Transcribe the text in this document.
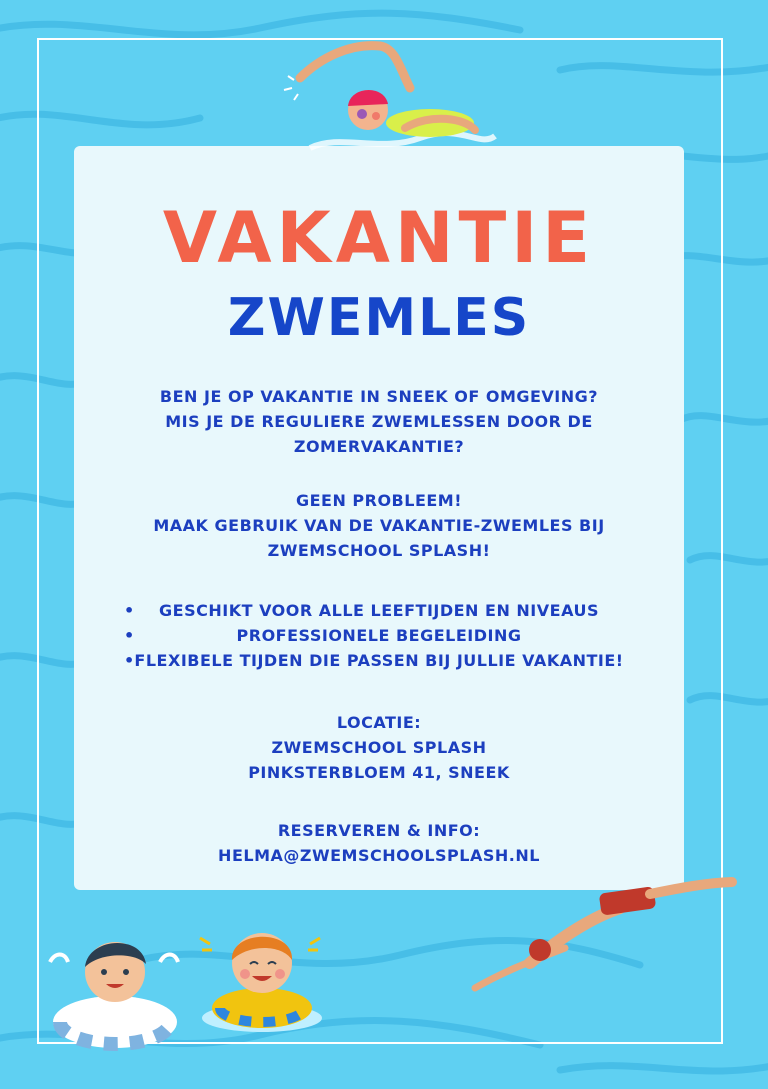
VAKANTIE
ZWEMLES

BEN JE OP VAKANTIE IN SNEEK OF OMGEVING?
MIS JE DE REGULIERE ZWEMLESSEN DOOR DE
ZOMERVAKANTIE?

GEEN PROBLEEM!
MAAK GEBRUIK VAN DE VAKANTIE-ZWEMLES BIJ
ZWEMSCHOOL SPLASH!

• GESCHIKT VOOR ALLE LEEFTIJDEN EN NIVEAUS
•	PROFESSIONELE BEGELEIDING
• FLEXIBELE TIJDEN DIE PASSEN BIJ JULLIE VAKANTIE!

LOCATIE:
ZWEMSCHOOL SPLASH
PINKSTERBLOEM 41, SNEEK

RESERVEREN & INFO:
HELMA@ZWEMSCHOOLSPLASH.NL
